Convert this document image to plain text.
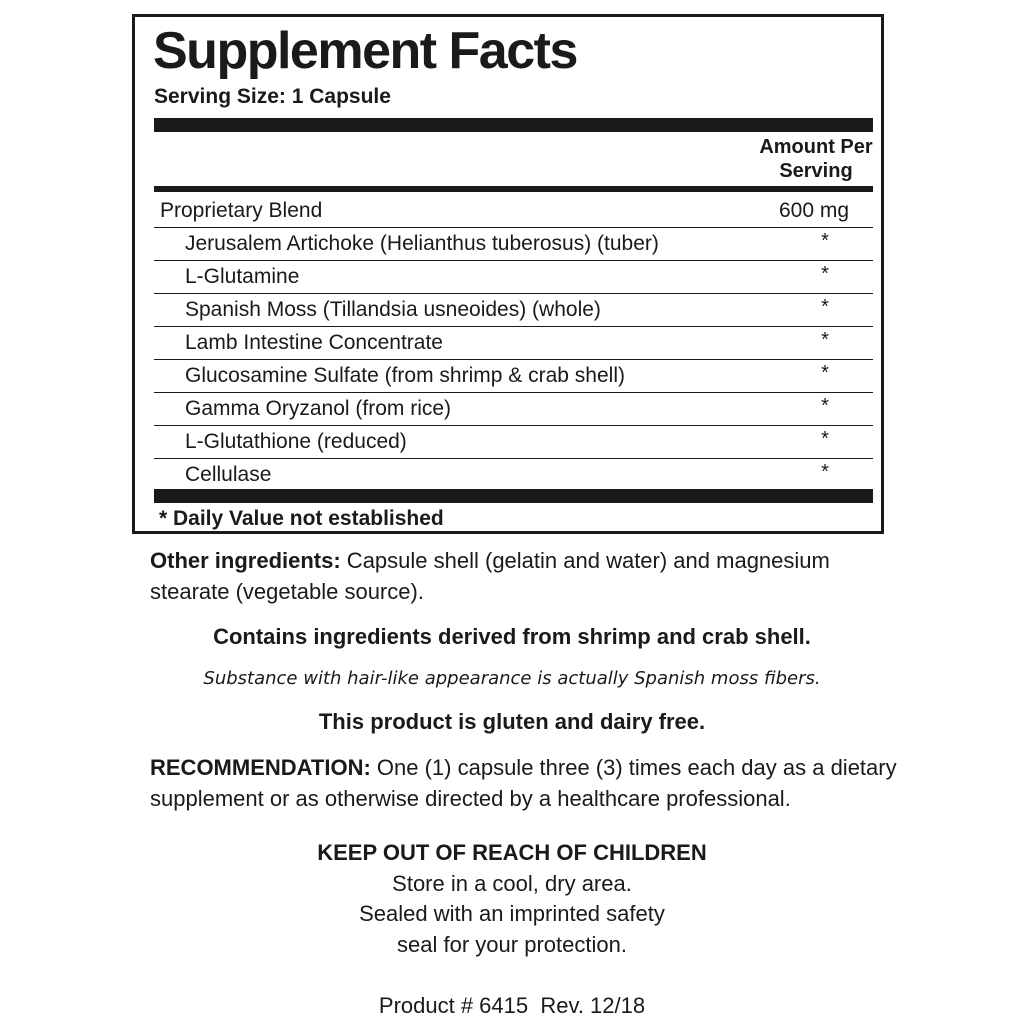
Supplement Facts
Serving Size: 1 Capsule
Amount Per
Serving
Proprietary Blend	600 mg
Jerusalem Artichoke (Helianthus tuberosus) (tuber)	*
L-Glutamine	*
Spanish Moss (Tillandsia usneoides) (whole)	*
Lamb Intestine Concentrate	*
Glucosamine Sulfate (from shrimp & crab shell)	*
Gamma Oryzanol (from rice)	*
L-Glutathione (reduced)	*
Cellulase	*
* Daily Value not established
Other ingredients: Capsule shell (gelatin and water) and magnesium
stearate (vegetable source).
Contains ingredients derived from shrimp and crab shell.
Substance with hair-like appearance is actually Spanish moss fibers.
This product is gluten and dairy free.
RECOMMENDATION: One (1) capsule three (3) times each day as a dietary
supplement or as otherwise directed by a healthcare professional.
KEEP OUT OF REACH OF CHILDREN
Store in a cool, dry area.
Sealed with an imprinted safety
seal for your protection.
Product # 6415  Rev. 12/18
